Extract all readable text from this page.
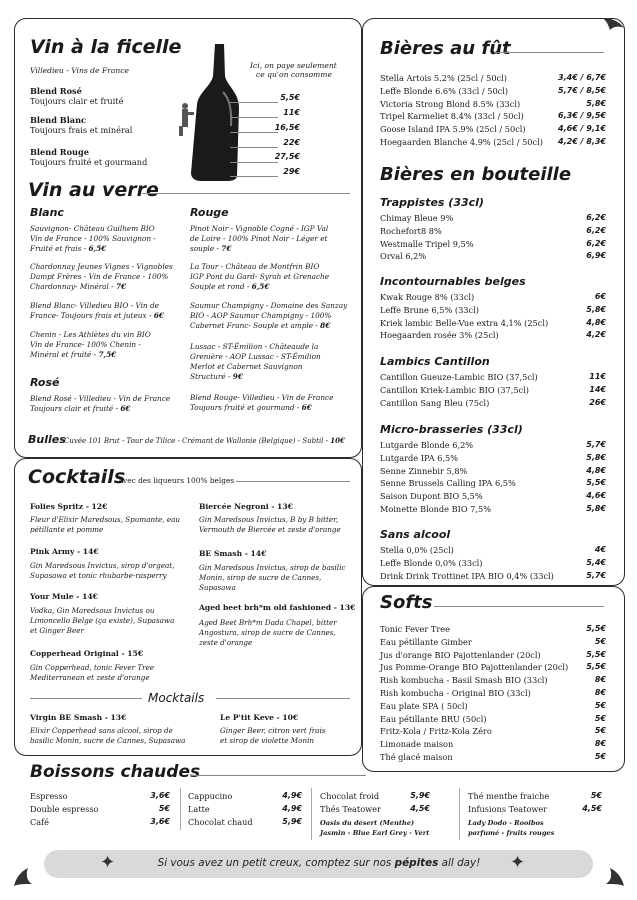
Vin à la ficelle
Villedieu - Vins de France
Blend Rosé
Toujours clair et fruité
Blend Blanc
Toujours frais et minéral
Blend Rouge
Toujours fruité et gourmand
Ici, on paye seulement
ce qu'on consomme
5,5€
11€
16,5€
22€
27,5€
29€
Vin au verre
Blanc
Sauvignon- Château Guilhem BIO
Vin de France - 100% Sauvignon -
Fruité et frais - 6,5€
Chardonnay Jeunes Vignes - Vignobles
Dampt Frères - Vin de France - 100%
Chardonnay- Minéral - 7€
Blend Blanc- Villedieu BIO - Vin de
France- Toujours frais et juteux - 6€
Chenin - Les Athlètes du vin BIO
Vin de France- 100% Chenin -
Minéral et fruité - 7,5€
Rosé
Blend Rosé - Villedieu - Vin de France
Toujours clair et fruité - 6€
Rouge
Pinot Noir - Vignoble Cogné - IGP Val
de Loire - 100% Pinot Noir - Léger et
souple - 7€
La Tour - Château de Montfrin BIO
IGP Pont du Gard- Syrah et Grenache
Souple et rond - 6,5€
Saumur Champigny - Domaine des Sanzay
BIO - AOP Saumur Champigny - 100%
Cabernet Franc- Souple et ample - 8€
Lussac - ST-Émilion - Châteaude la
Grenière - AOP Lussac - ST-Émilion
Merlot et Cabernet Sauvignon
Structuré - 9€
Blend Rouge- Villedieu - Vin de France
Toujours fruité et gourmand - 6€
Bulles
Cuvée 101 Brut - Tour de Tilice - Crémant de Wallonie (Belgique) - Subtil - 10€
Cocktails
Avec des liqueurs 100% belges
Folies Spritz - 12€
Fleur d'Elixir Maredsous, Spumante, eau
pétillante et pomme
Pink Army - 14€
Gin Maredsous Invictus, sirop d'orgeat,
Supasawa et tonic rhubarbe-rasperry
Your Mule - 14€
Vodka, Gin Maredsous Invictus ou
Limoncello Belge (ça existe), Supasawa
et Ginger Beer
Copperhead Original - 15€
Gin Copperhead, tonic Fever Tree
Mediterranean et zeste d'orange
Biercée Negroni - 13€
Gin Maredsous Invictus, B by B bitter,
Vermouth de Biercée et zeste d'orange
BE Smash - 14€
Gin Maredsous Invictus, sirop de basilic
Monin, sirop de sucre de Cannes,
Supasawa
Aged beet brh*m old fashioned - 13€
Aged Beet Brh*m Dada Chapel, bitter
Angostura, sirop de sucre de Cannes,
zeste d'orange
Mocktails
Virgin BE Smash - 13€
Elixir Copperhead sans alcool, sirop de
basilic Monin, sucre de Cannes, Supasawa
Le P'tit Keve - 10€
Ginger Beer, citron vert frais
et sirop de violette Monin
Bières au fût
Stella Artois 5.2% (25cl / 50cl)	3,4€ / 6,7€
Leffe Blonde 6.6% (33cl / 50cl)	5,7€ / 8,5€
Victoria Strong Blond 8.5% (33cl)	5,8€
Tripel Karmeliet 8.4% (33cl / 50cl)	6,3€ / 9,5€
Goose Island IPA 5.9% (25cl / 50cl)	4,6€ / 9,1€
Hoegaarden Blanche 4.9% (25cl / 50cl) 4,2€ / 8,3€
Bières en bouteille
Trappistes (33cl)
Chimay Bleue 9%	6,2€
Rochefort8 8%	6,2€
Westmalle Tripel 9,5%	6,2€
Orval 6,2%	6,9€
Incontournables belges
Kwak Rouge 8% (33cl)	6€
Leffe Brune 6,5% (33cl)	5,8€
Kriek lambic Belle-Vue extra 4,1% (25cl)	4,8€
Hoegaarden rosée 3% (25cl)	4,2€
Lambics Cantillon
Cantillon Gueuze-Lambic BIO (37,5cl)	11€
Cantillon Kriek-Lambic BIO (37,5cl)	14€
Cantillon Sang Bleu (75cl)	26€
Micro-brasseries (33cl)
Lutgarde Blonde 6,2%	5,7€
Lutgarde IPA 6,5%	5,8€
Senne Zinnebir 5,8%	4,8€
Senne Brussels Calling IPA 6,5%	5,5€
Saison Dupont BIO 5,5%	4,6€
Moinette Blonde BIO 7,5%	5,8€
Sans alcool
Stella 0,0% (25cl)	4€
Leffe Blonde 0,0% (33cl)	5,4€
Drink Drink Trottinet IPA BIO 0,4% (33cl)	5,7€
Softs
Tonic Fever Tree	5,5€
Eau pétillante Gimber	5€
Jus d'orange BIO Pajottenlander (20cl)	5,5€
Jus Pomme-Orange BIO Pajottenlander (20cl) 5,5€
Rish kombucha - Basil Smash BIO (33cl)	8€
Rish kombucha - Original BIO (33cl)	8€
Eau plate SPA ( 50cl)	5€
Eau pétillante BRU (50cl)	5€
Fritz-Kola / Fritz-Kola Zéro	5€
Limonade maison	8€
Thé glacé maison	5€
Boissons chaudes
Espresso	3,6€
Double espresso	5€
Café	3,6€
Cappucino	4,9€
Latte	4,9€
Chocolat chaud	5,9€
Chocolat froid	5,9€
Thés Teatower	4,5€
Oasis du désert (Menthe)
Jasmin - Blue Earl Grey - Vert
Thé menthe fraiche	5€
Infusions Teatower	4,5€
Lady Dodo - Rooibos
parfumé - fruits rouges
✦	✦
Si vous avez un petit creux, comptez sur nos pépites all day!
